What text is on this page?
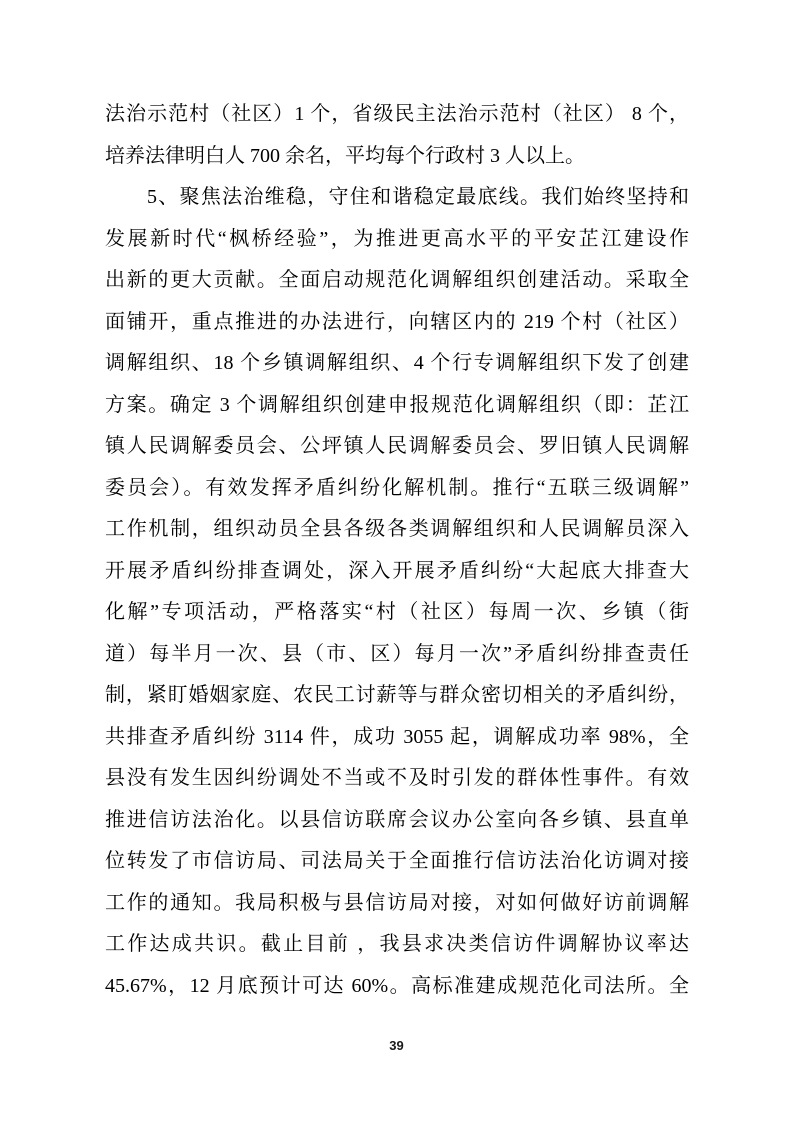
法治示范村（社区）1 个，省级民主法治示范村（社区） 8 个，
培养法律明白人 700 余名，平均每个行政村 3 人以上。
5、聚焦法治维稳，守住和谐稳定最底线。我们始终坚持和
发展新时代“枫桥经验”，为推进更高水平的平安芷江建设作
出新的更大贡献。全面启动规范化调解组织创建活动。采取全
面铺开，重点推进的办法进行，向辖区内的 219 个村（社区）
调解组织、18 个乡镇调解组织、4 个行专调解组织下发了创建
方案。确定 3 个调解组织创建申报规范化调解组织（即：芷江
镇人民调解委员会、公坪镇人民调解委员会、罗旧镇人民调解
委员会）。有效发挥矛盾纠纷化解机制。推行“五联三级调解”
工作机制，组织动员全县各级各类调解组织和人民调解员深入
开展矛盾纠纷排查调处，深入开展矛盾纠纷“大起底大排查大
化解”专项活动，严格落实“村（社区）每周一次、乡镇（街
道）每半月一次、县（市、区）每月一次”矛盾纠纷排查责任
制，紧盯婚姻家庭、农民工讨薪等与群众密切相关的矛盾纠纷，
共排查矛盾纠纷 3114 件，成功 3055 起，调解成功率 98%，全
县没有发生因纠纷调处不当或不及时引发的群体性事件。有效
推进信访法治化。以县信访联席会议办公室向各乡镇、县直单
位转发了市信访局、司法局关于全面推行信访法治化访调对接
工作的通知。我局积极与县信访局对接，对如何做好访前调解
工作达成共识。截止目前 ，我县求决类信访件调解协议率达
45.67%，12 月底预计可达 60%。高标准建成规范化司法所。全
39
